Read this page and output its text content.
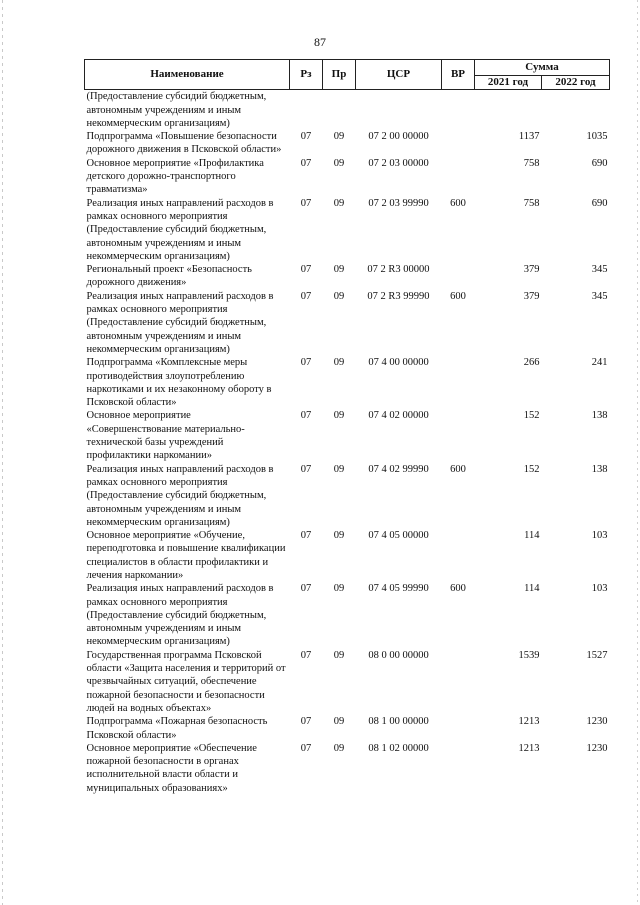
87
Наименование	Рз	Пр	ЦСР	ВР	Сумма	
					2021 год	2022 год
(Предоставление субсидий бюджетным, автономным учреждениям и иным некоммерческим организациям)						
Подпрограмма «Повышение безопасности дорожного движения в Псковской области»	07	09	07 2 00 00000		1137	1035
Основное мероприятие «Профилактика детского дорожно-транспортного травматизма»	07	09	07 2 03 00000		758	690
Реализация иных направлений расходов в рамках основного мероприятия (Предоставление субсидий бюджетным, автономным учреждениям и иным некоммерческим организациям)	07	09	07 2 03 99990	600	758	690
Региональный проект «Безопасность дорожного движения»	07	09	07 2 R3 00000		379	345
Реализация иных направлений расходов в рамках основного мероприятия (Предоставление субсидий бюджетным, автономным учреждениям и иным некоммерческим организациям)	07	09	07 2 R3 99990	600	379	345
Подпрограмма «Комплексные меры противодействия злоупотреблению наркотиками и их незаконному обороту в Псковской области»	07	09	07 4 00 00000		266	241
Основное мероприятие «Совершенствование материально-технической базы учреждений профилактики наркомании»	07	09	07 4 02 00000		152	138
Реализация иных направлений расходов в рамках основного мероприятия (Предоставление субсидий бюджетным, автономным учреждениям и иным некоммерческим организациям)	07	09	07 4 02 99990	600	152	138
Основное мероприятие «Обучение, переподготовка и повышение квалификации специалистов в области профилактики и лечения наркомании»	07	09	07 4 05 00000		114	103
Реализация иных направлений расходов в рамках основного мероприятия (Предоставление субсидий бюджетным, автономным учреждениям и иным некоммерческим организациям)	07	09	07 4 05 99990	600	114	103
Государственная программа Псковской области «Защита населения и территорий от чрезвычайных ситуаций, обеспечение пожарной безопасности и безопасности людей на водных объектах»	07	09	08 0 00 00000		1539	1527
Подпрограмма «Пожарная безопасность Псковской области»	07	09	08 1 00 00000		1213	1230
Основное мероприятие «Обеспечение пожарной безопасности в органах исполнительной власти области и муниципальных образованиях»	07	09	08 1 02 00000		1213	1230
